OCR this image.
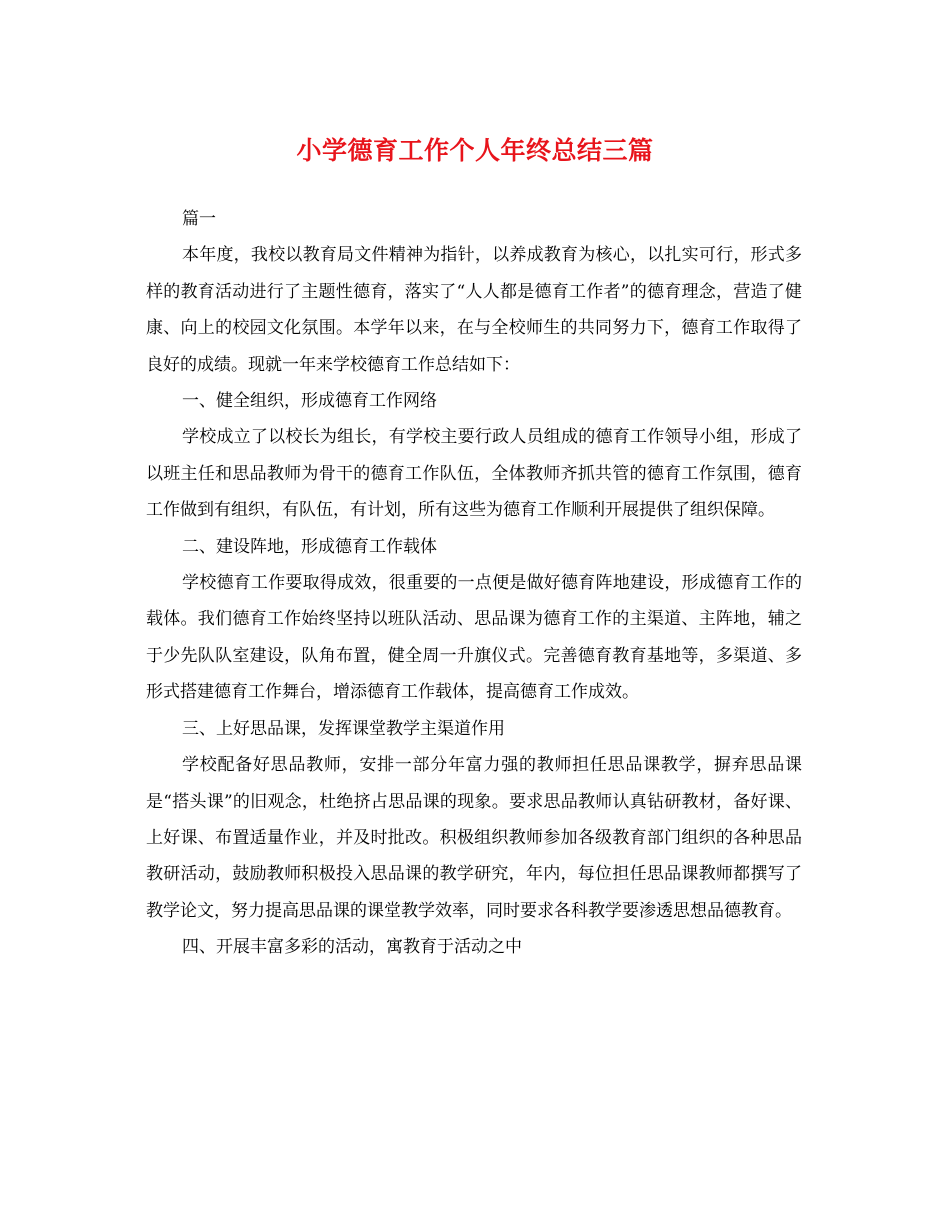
小学德育工作个人年终总结三篇

篇一

本年度，我校以教育局文件精神为指针，以养成教育为核心，以扎实可行，形式多样的教育活动进行了主题性德育，落实了“人人都是德育工作者”的德育理念，营造了健康、向上的校园文化氛围。本学年以来，在与全校师生的共同努力下，德育工作取得了良好的成绩。现就一年来学校德育工作总结如下：

一、健全组织，形成德育工作网络

学校成立了以校长为组长，有学校主要行政人员组成的德育工作领导小组，形成了以班主任和思品教师为骨干的德育工作队伍，全体教师齐抓共管的德育工作氛围，德育工作做到有组织，有队伍，有计划，所有这些为德育工作顺利开展提供了组织保障。

二、建设阵地，形成德育工作载体

学校德育工作要取得成效，很重要的一点便是做好德育阵地建设，形成德育工作的载体。我们德育工作始终坚持以班队活动、思品课为德育工作的主渠道、主阵地，辅之于少先队队室建设，队角布置，健全周一升旗仪式。完善德育教育基地等，多渠道、多形式搭建德育工作舞台，增添德育工作载体，提高德育工作成效。

三、上好思品课，发挥课堂教学主渠道作用

学校配备好思品教师，安排一部分年富力强的教师担任思品课教学，摒弃思品课是“搭头课”的旧观念，杜绝挤占思品课的现象。要求思品教师认真钻研教材，备好课、上好课、布置适量作业，并及时批改。积极组织教师参加各级教育部门组织的各种思品教研活动，鼓励教师积极投入思品课的教学研究，年内，每位担任思品课教师都撰写了教学论文，努力提高思品课的课堂教学效率，同时要求各科教学要渗透思想品德教育。

四、开展丰富多彩的活动，寓教育于活动之中
